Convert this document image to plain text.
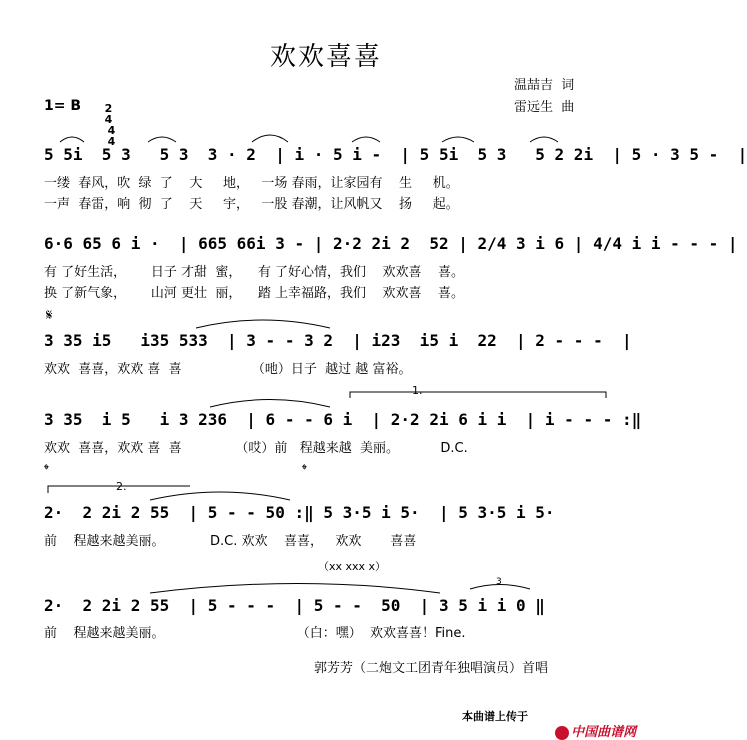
欢欢喜喜
温喆吉  词
雷远生  曲
1= B	2
4
4
4

5 5i  5 3   5 3  3 · 2  | i · 5 i -  | 5 5i  5 3   5 2 2i  | 5 · 3 5 -  |
一缕  春风，吹  绿  了    大     地，   一场 春雨，让家园有    生     机。
一声  春雷，响  彻  了    天     宇，   一股 春潮，让风帆又    扬     起。
6·6 65 6 i ·  | 665 66i 3 - | 2·2 2i 2  52 | 2/4 3 i 6 | 4/4 i i - - - |
有 了好生活，      日子 才甜  蜜，    有 了好心情，我们    欢欢喜    喜。
换 了新气象，      山河 更壮  丽，    踏 上幸福路，我们    欢欢喜    喜。
𝄋
3 35 i5   i35 533  | 3 - - 3 2  | i23  i5 i  22  | 2 - - -  |
欢欢  喜喜，欢欢 喜  喜                 （吔）日子  越过 越 富裕。
1.
3 35  i 5   i 3 236  | 6 - - 6 i  | 2·2 2i 6 i i  | i - - - :‖
欢欢  喜喜，欢欢 喜  喜             （哎）前   程越来越  美丽。          D.C.
𝄌	𝄌
2.
2·  2 2i 2 55  | 5 - - 50 :‖ 5 3·5 i 5·  | 5 3·5 i 5·
前    程越来越美丽。           D.C. 欢欢    喜喜，   欢欢       喜喜
（xx xxx x）
2·  2 2i 2 55  | 5 - - -  | 5 - -  50  | 3 5 i i 0 ‖
前    程越来越美丽。                                （白：嘿）  欢欢喜喜！Fine.
郭芳芳（二炮文工团青年独唱演员）首唱
本曲谱上传于

中国曲谱网

3
